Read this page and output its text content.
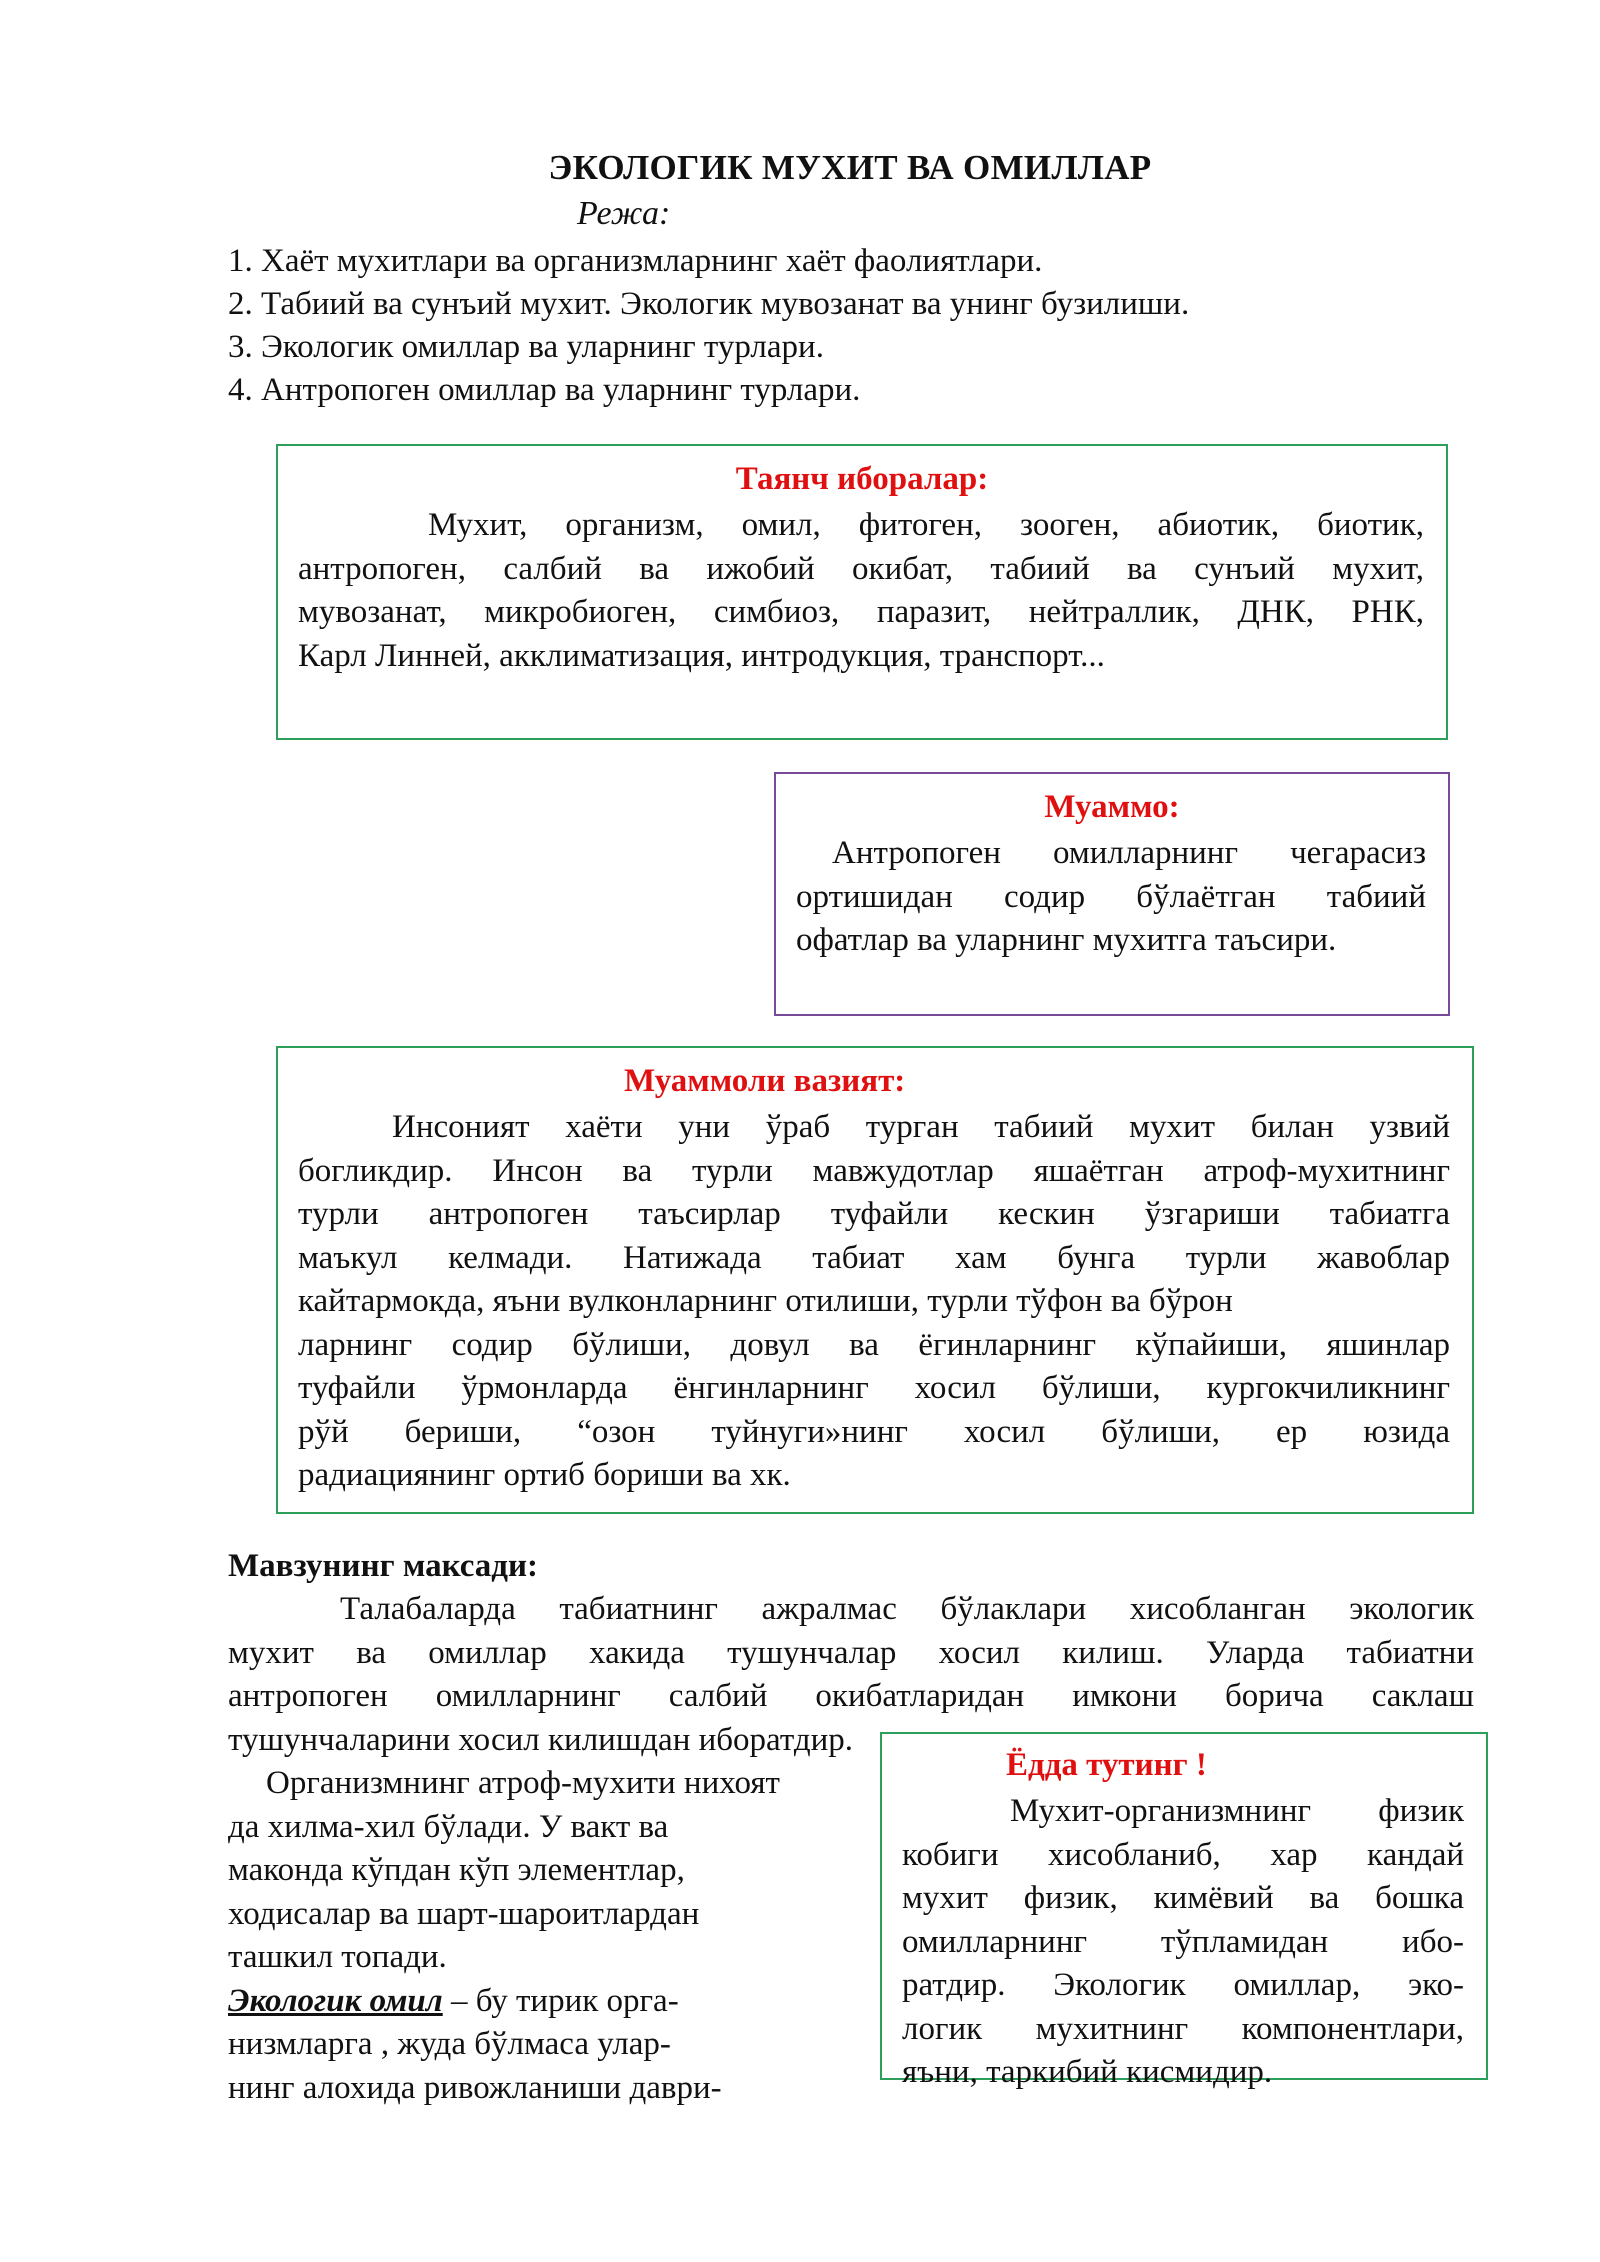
ЭКОЛОГИК МУХИТ ВА ОМИЛЛАР
Режа:
1. Хаёт мухитлари ва организмларнинг хаёт фаолиятлари.
2. Табиий ва сунъий мухит. Экологик мувозанат ва унинг бузилиши.
3. Экологик омиллар ва уларнинг турлари.
4. Антропоген омиллар ва уларнинг турлари.
Таянч иборалар:
Мухит, организм, омил, фитоген, зооген, абиотик, биотик,
антропоген, салбий ва ижобий окибат, табиий ва сунъий мухит,
мувозанат, микробиоген, симбиоз, паразит, нейтраллик, ДНК, РНК,
Карл Линней, акклиматизация, интродукция, транспорт...
Муаммо:
Антропоген омилларнинг чегарасиз
ортишидан содир бўлаётган табиий
офатлар ва уларнинг мухитга таъсири.
Муаммоли вазият:
Инсоният хаёти уни ўраб турган табиий мухит билан узвий
богликдир. Инсон ва турли мавжудотлар яшаётган атроф-мухитнинг
турли антропоген таъсирлар туфайли кескин ўзгариши табиатга
маъкул келмади. Натижада табиат хам бунга турли жавоблар
кайтармокда, яъни вулконларнинг отилиши, турли тўфон ва бўрон
ларнинг содир бўлиши, довул ва ёгинларнинг кўпайиши, яшинлар
туфайли ўрмонларда ёнгинларнинг хосил бўлиши, кургокчиликнинг
рўй бериши, “озон туйнуги»нинг хосил бўлиши, ер юзида
радиациянинг ортиб бориши ва хк.
Мавзунинг максади:
Талабаларда табиатнинг ажралмас бўлаклари хисобланган экологик
мухит ва омиллар хакида тушунчалар хосил килиш. Уларда табиатни
антропоген омилларнинг салбий окибатларидан имкони борича саклаш
тушунчаларини хосил килишдан иборатдир.
Организмнинг атроф-мухити нихоят
да хилма-хил бўлади. У вакт ва
маконда кўпдан кўп элементлар,
ходисалар ва шарт-шароитлардан
ташкил топади.
Экологик омил – бу тирик орга-
низмларга , жуда бўлмаса улар-
нинг алохида ривожланиши даври-
Ёдда тутинг !
Мухит-организмнинг физик
кобиги хисобланиб, хар кандай
мухит физик, кимёвий ва бошка
омилларнинг тўпламидан ибо-
ратдир. Экологик омиллар, эко-
логик мухитнинг компонентлари,
яъни, таркибий кисмидир.
